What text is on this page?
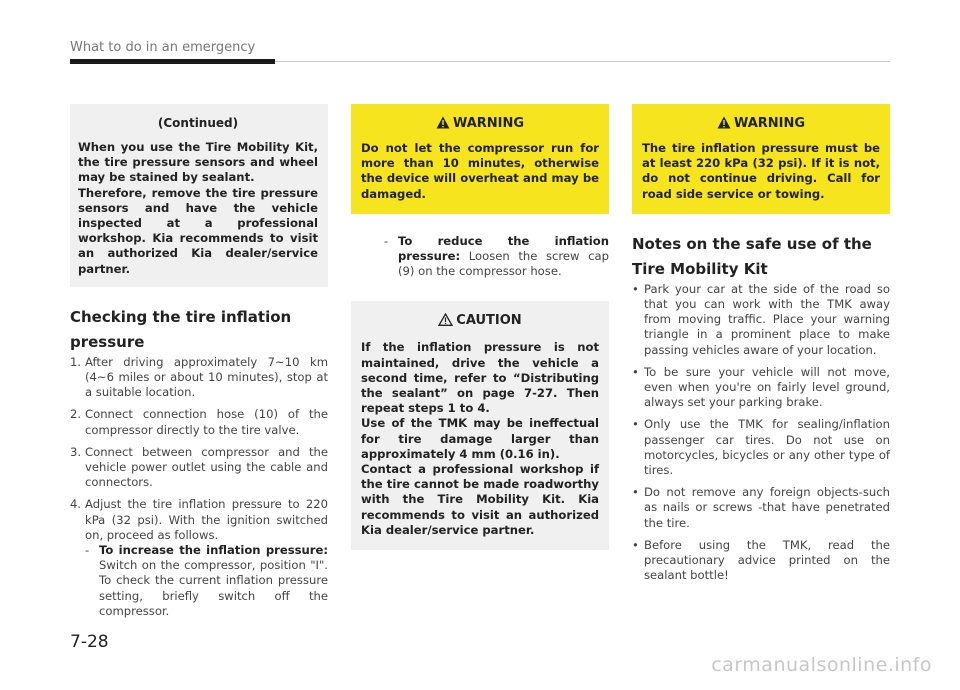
What to do in an emergency
(Continued)
When you use the Tire Mobility Kit, the tire pressure sensors and wheel may be stained by sealant.
Therefore, remove the tire pressure sensors and have the vehicle inspected at a professional workshop. Kia recommends to visit an authorized Kia dealer/service partner.
Checking the tire inflation
pressure
1. After driving approximately 7~10 km (4~6 miles or about 10 minutes), stop at a suitable location.
2. Connect connection hose (10) of the compressor directly to the tire valve.
3. Connect between compressor and the vehicle power outlet using the cable and connectors.
4. Adjust the tire inflation pressure to 220 kPa (32 psi). With the ignition switched on, proceed as follows.
- To increase the inflation pressure: Switch on the compressor, position "I". To check the current inflation pressure setting, briefly switch off the compressor.
WARNING
Do not let the compressor run for more than 10 minutes, otherwise the device will overheat and may be damaged.
- To reduce the inflation pressure: Loosen the screw cap (9) on the compressor hose.
CAUTION
If the inflation pressure is not maintained, drive the vehicle a second time, refer to “Distributing the sealant” on page 7-27. Then repeat steps 1 to 4.
Use of the TMK may be ineffectual for tire damage larger than approximately 4 mm (0.16 in).
Contact a professional workshop if the tire cannot be made roadworthy with the Tire Mobility Kit. Kia recommends to visit an authorized Kia dealer/service partner.
WARNING
The tire inflation pressure must be at least 220 kPa (32 psi). If it is not, do not continue driving. Call for road side service or towing.
Notes on the safe use of the
Tire Mobility Kit
• Park your car at the side of the road so that you can work with the TMK away from moving traffic. Place your warning triangle in a prominent place to make passing vehicles aware of your location.
• To be sure your vehicle will not move, even when you're on fairly level ground, always set your parking brake.
• Only use the TMK for sealing/inflation passenger car tires. Do not use on motorcycles, bicycles or any other type of tires.
• Do not remove any foreign objects-such as nails or screws -that have penetrated the tire.
• Before using the TMK, read the precautionary advice printed on the sealant bottle!
7-28
carmanualsonline.info
